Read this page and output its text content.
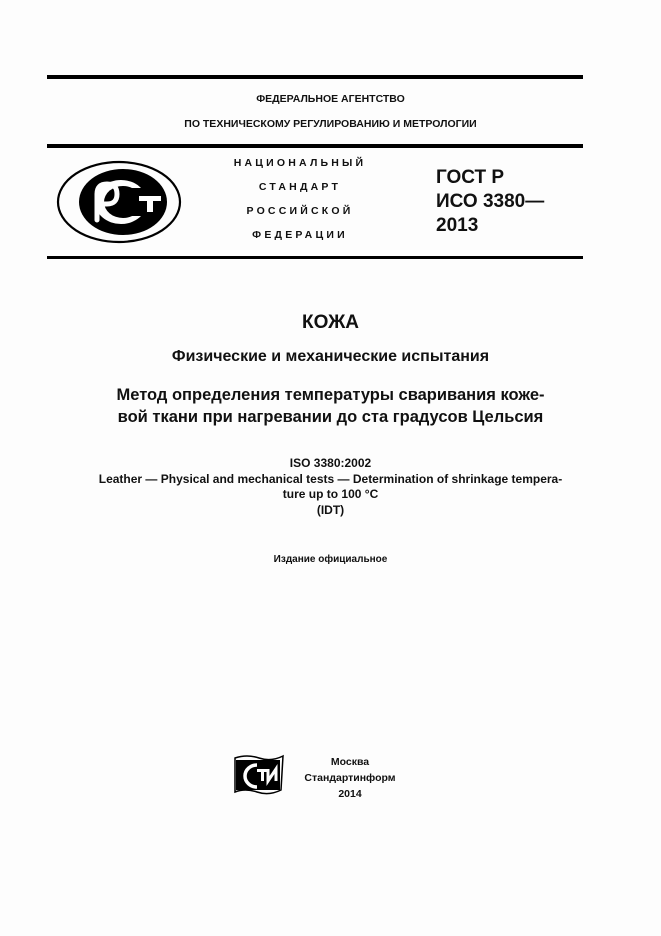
ФЕДЕРАЛЬНОЕ АГЕНТСТВО
ПО ТЕХНИЧЕСКОМУ РЕГУЛИРОВАНИЮ И МЕТРОЛОГИИ
НАЦИОНАЛЬНЫЙ
СТАНДАРТ
РОССИЙСКОЙ
ФЕДЕРАЦИИ
ГОСТ Р
ИСО 3380—
2013
КОЖА
Физические и механические испытания
Метод определения температуры сваривания коже-
вой ткани при нагревании до ста градусов Цельсия
ISO 3380:2002
Leather — Physical and mechanical tests — Determination of shrinkage tempera-
ture up to 100 °C
(IDT)
Издание официальное
Москва
Стандартинформ
2014
